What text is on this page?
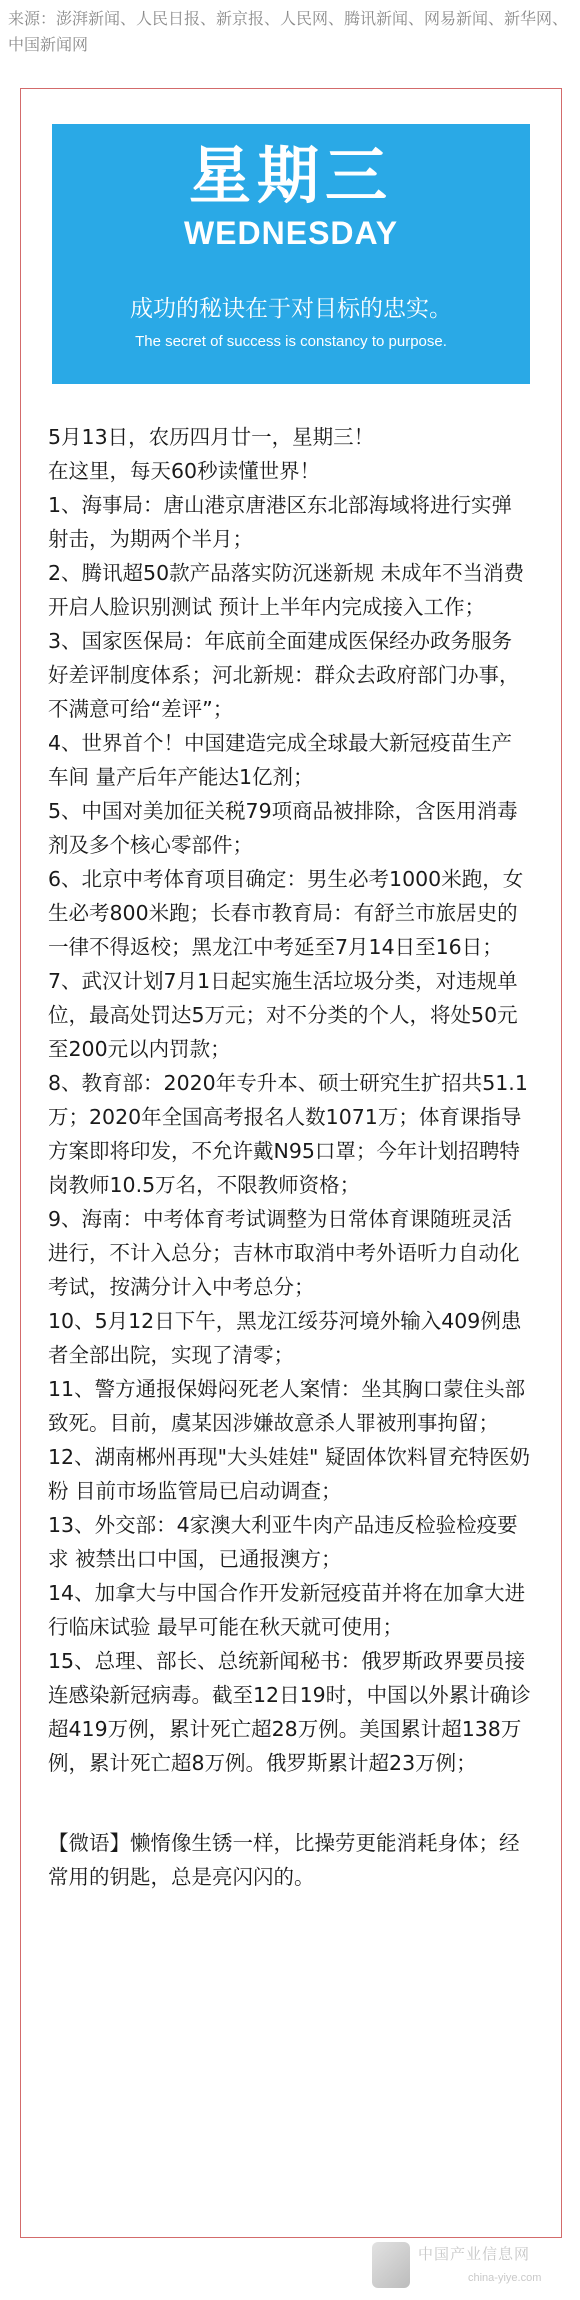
来源：澎湃新闻、人民日报、新京报、人民网、腾讯新闻、网易新闻、新华网、中国新闻网
星期三
WEDNESDAY
成功的秘诀在于对目标的忠实。
The secret of success is constancy to purpose.

5月13日，农历四月廿一，星期三！

在这里，每天60秒读懂世界！

1、海事局：唐山港京唐港区东北部海域将进行实弹射击，为期两个半月；

2、腾讯超50款产品落实防沉迷新规 未成年不当消费开启人脸识别测试 预计上半年内完成接入工作；

3、国家医保局：年底前全面建成医保经办政务服务好差评制度体系；河北新规：群众去政府部门办事，不满意可给“差评”；

4、世界首个！中国建造完成全球最大新冠疫苗生产车间 量产后年产能达1亿剂；

5、中国对美加征关税79项商品被排除，含医用消毒剂及多个核心零部件；

6、北京中考体育项目确定：男生必考1000米跑，女生必考800米跑；长春市教育局：有舒兰市旅居史的一律不得返校；黑龙江中考延至7月14日至16日；

7、武汉计划7月1日起实施生活垃圾分类，对违规单位，最高处罚达5万元；对不分类的个人，将处50元至200元以内罚款；

8、教育部：2020年专升本、硕士研究生扩招共51.1万；2020年全国高考报名人数1071万；体育课指导方案即将印发，不允许戴N95口罩；今年计划招聘特岗教师10.5万名，不限教师资格；

9、海南：中考体育考试调整为日常体育课随班灵活进行，不计入总分；吉林市取消中考外语听力自动化考试，按满分计入中考总分；

10、5月12日下午，黑龙江绥芬河境外输入409例患者全部出院，实现了清零；

11、警方通报保姆闷死老人案情：坐其胸口蒙住头部致死。目前，虞某因涉嫌故意杀人罪被刑事拘留；

12、湖南郴州再现"大头娃娃" 疑固体饮料冒充特医奶粉 目前市场监管局已启动调查；

13、外交部：4家澳大利亚牛肉产品违反检验检疫要求 被禁出口中国，已通报澳方；

14、加拿大与中国合作开发新冠疫苗并将在加拿大进行临床试验 最早可能在秋天就可使用；

15、总理、部长、总统新闻秘书：俄罗斯政界要员接连感染新冠病毒。截至12日19时，中国以外累计确诊超419万例，累计死亡超28万例。美国累计超138万例，累计死亡超8万例。俄罗斯累计超23万例；

【微语】懒惰像生锈一样，比操劳更能消耗身体；经常用的钥匙，总是亮闪闪的。

中国产业信息网
china-yiye.com
